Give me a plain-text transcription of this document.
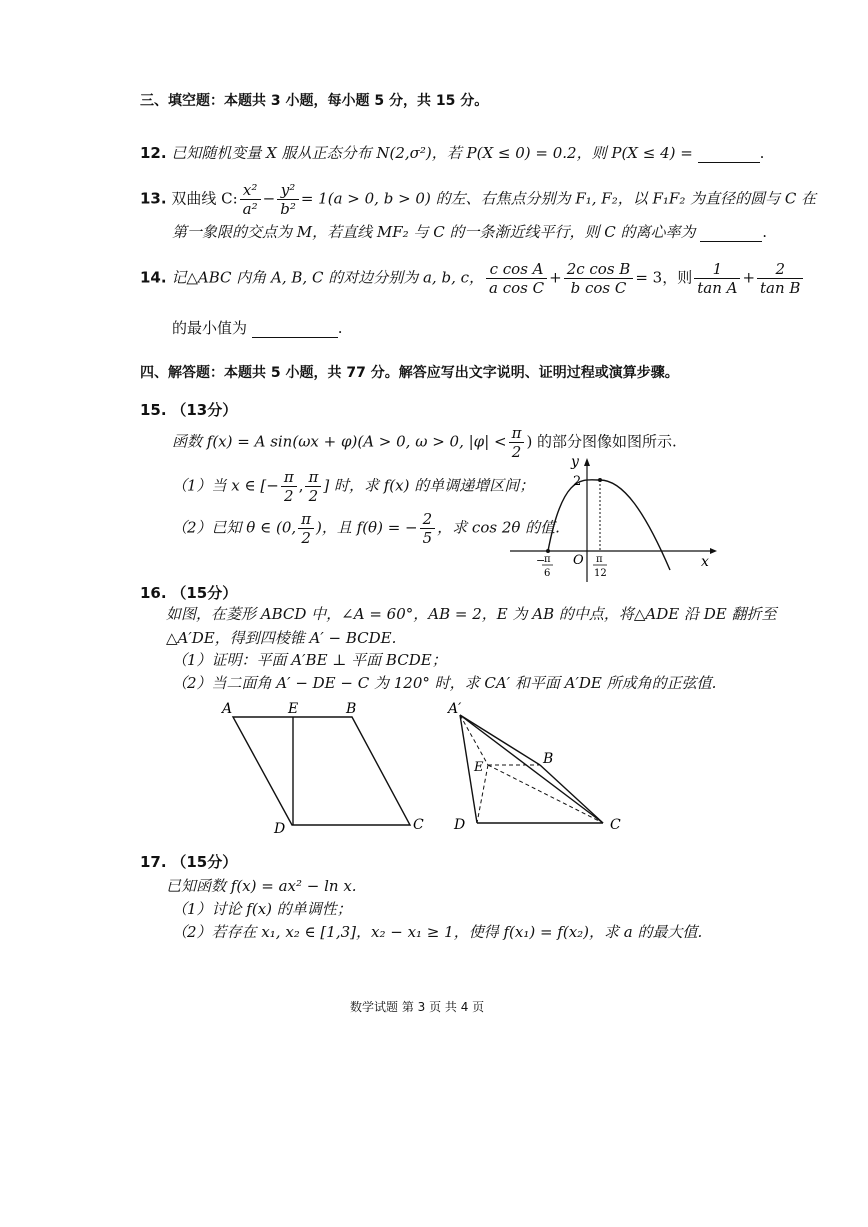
三、填空题：本题共 3 小题，每小题 5 分，共 15 分。
12. 已知随机变量 X 服从正态分布 N(2,σ²)，若 P(X ≤ 0) = 0.2，则 P(X ≤ 4) =	.
13. 双曲线 C: $\frac{\text{x²}}{\text{a²}} - \frac{\text{y²}}{\text{b²}} = 1(a > 0$, b > 0) 的左、右焦点分别为 F₁, F₂，以 F₁F₂ 为直径的圆与 C 在
第一象限的交点为 M，若直线 MF₂ 与 C 的一条渐近线平行，则 C 的离心率为	.
14. 记△ABC 内角 A, B, C 的对边分别为 a, b, c， $\frac{\text{c cos A}}{\text{a cos C}} + \frac{\text{2c cos B}}{\text{b cos C}} = 3$，则 $\frac{1}{\text{tan A}} + \frac{2}{\text{tan B}}$
的最小值为	.
四、解答题：本题共 5 小题，共 77 分。解答应写出文字说明、证明过程或演算步骤。
15. （13分）
函数 f(x) = A sin(ωx + φ)(A > 0, ω > 0, $|\varphi| < \frac{\pi}{2}$ ) 的部分图像如图所示.
（1）当 x ∈ [− $\frac{\pi}{2}$ , $\frac{\pi}{2}$ ] 时，求 f(x) 的单调递增区间；
（2）已知 θ ∈ (0, $\frac{\pi}{2}$ )，且 f(θ) = − $\frac{2}{5}$ ，求 cos 2θ 的值.
y
x
O
2
−
π
6
π
12
16. （15分）
如图，在菱形 ABCD 中，∠A = 60°，AB = 2，E 为 AB 的中点，将△ADE 沿 DE 翻折至
△A′DE，得到四棱锥 A′ − BCDE.
（1）证明：平面 A′BE ⊥ 平面 BCDE；
（2）当二面角 A′ − DE − C 为 120° 时，求 CA′ 和平面 A′DE 所成角的正弦值.
A	E	B
D	C
A′
E
B
D	C
17. （15分）
已知函数 f(x) = ax² − ln x.
（1）讨论 f(x) 的单调性；
（2）若存在 x₁, x₂ ∈ [1,3]，x₂ − x₁ ≥ 1，使得 f(x₁) = f(x₂)，求 a 的最大值.
数学试题 第 3 页 共 4 页
